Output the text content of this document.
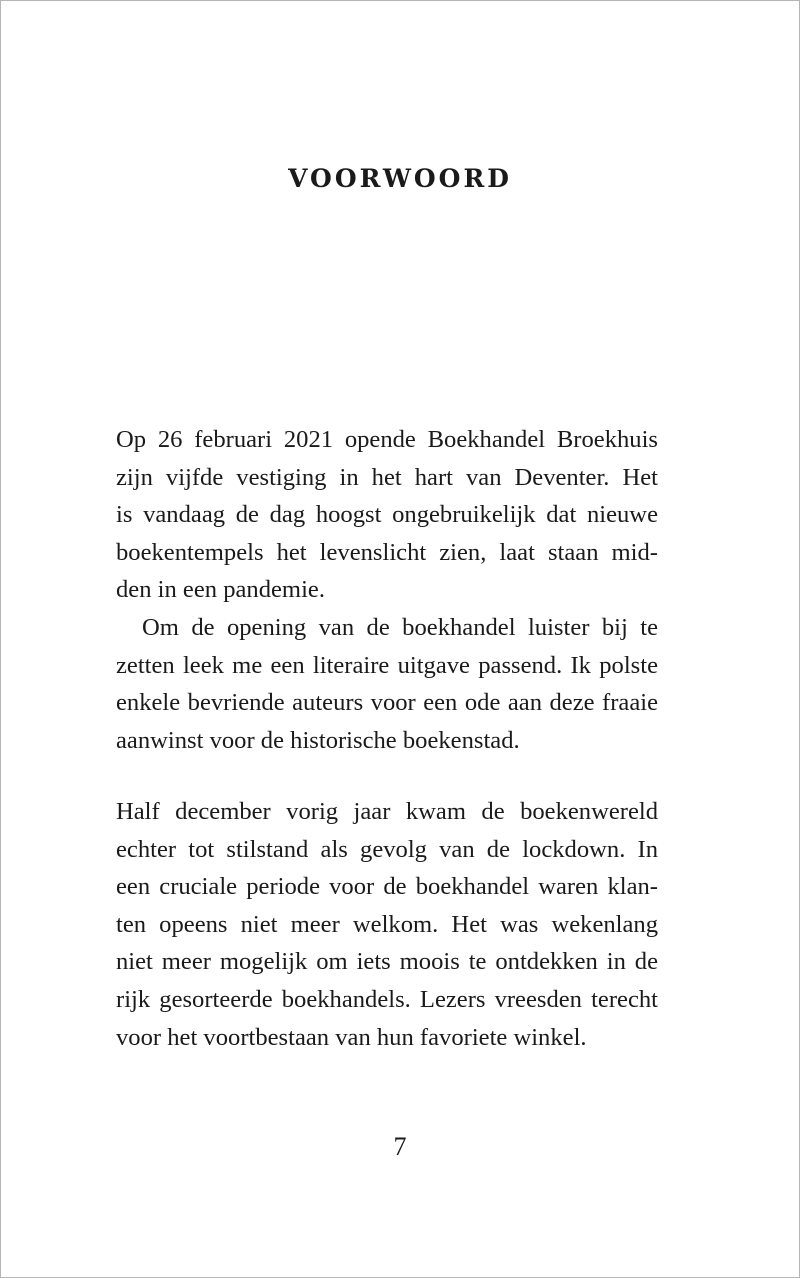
VOORWOORD
Op 26 februari 2021 opende Boekhandel Broekhuis
zijn vijfde vestiging in het hart van Deventer. Het
is vandaag de dag hoogst ongebruikelijk dat nieuwe
boekentempels het levenslicht zien, laat staan mid-
den in een pandemie.
Om de opening van de boekhandel luister bij te
zetten leek me een literaire uitgave passend. Ik polste
enkele bevriende auteurs voor een ode aan deze fraaie
aanwinst voor de historische boekenstad.
Half december vorig jaar kwam de boekenwereld
echter tot stilstand als gevolg van de lockdown. In
een cruciale periode voor de boekhandel waren klan-
ten opeens niet meer welkom. Het was wekenlang
niet meer mogelijk om iets moois te ontdekken in de
rijk gesorteerde boekhandels. Lezers vreesden terecht
voor het voortbestaan van hun favoriete winkel.
7
